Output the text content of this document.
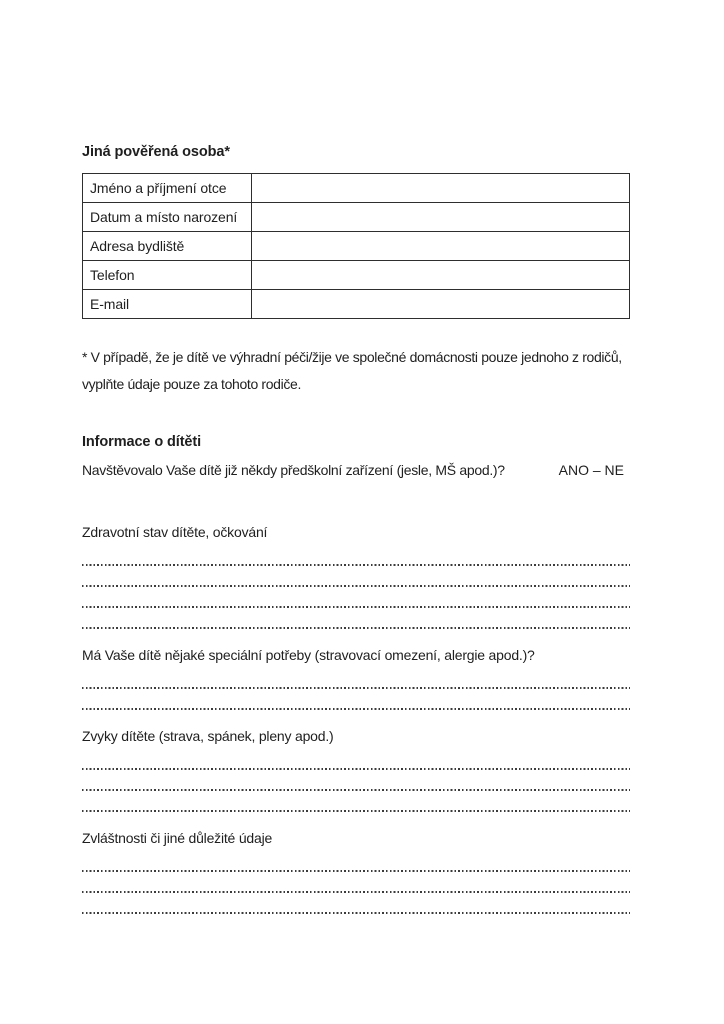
Jiná pověřená osoba*
Jméno a příjmení otce	
Datum a místo narození	
Adresa bydliště	
Telefon	
E-mail	
* V případě, že je dítě ve výhradní péči/žije ve společné domácnosti pouze jednoho z rodičů,
vyplňte údaje pouze za tohoto rodiče.
Informace o dítěti
Navštěvovalo Vaše dítě již někdy předškolní zařízení (jesle, MŠ apod.)?	ANO – NE
Zdravotní stav dítěte, očkování
Má Vaše dítě nějaké speciální potřeby (stravovací omezení, alergie apod.)?
Zvyky dítěte (strava, spánek, pleny apod.)
Zvláštnosti či jiné důležité údaje
